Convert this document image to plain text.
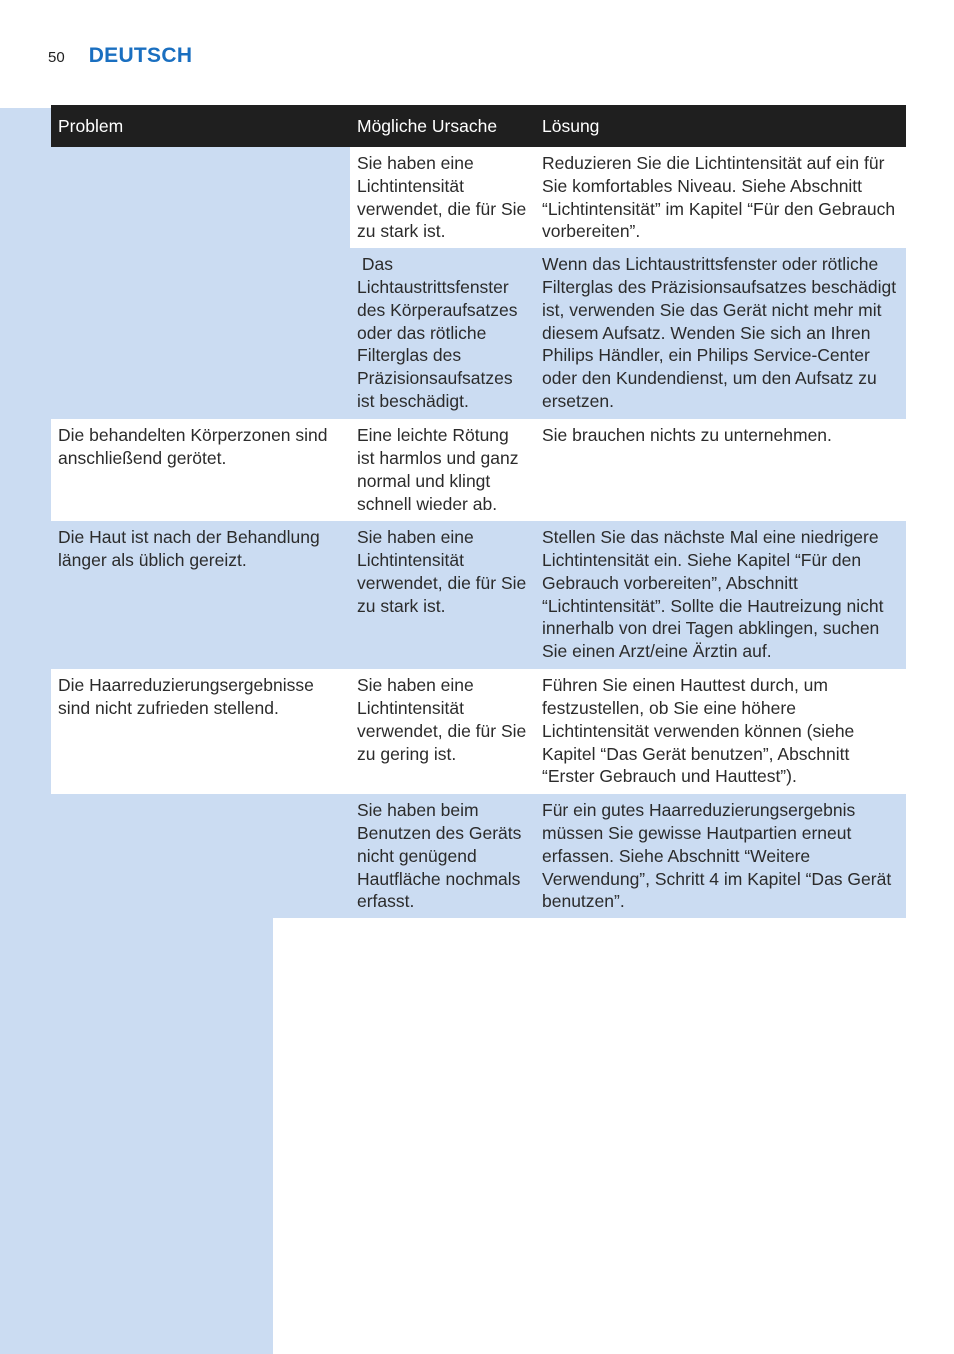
50 DEUTSCH
Problem	Mögliche Ursache	Lösung
	Sie haben eine Lichtintensität verwendet, die für Sie zu stark ist.	Reduzieren Sie die Lichtintensität auf ein für Sie komfortables Niveau. Siehe Abschnitt “Lichtintensität” im Kapitel “Für den Gebrauch vorbereiten”.
	Das Lichtaustrittsfenster des Körperaufsatzes oder das rötliche Filterglas des Präzisionsaufsatzes ist beschädigt.	Wenn das Lichtaustrittsfenster oder rötliche Filterglas des Präzisionsaufsatzes beschädigt ist, verwenden Sie das Gerät nicht mehr mit diesem Aufsatz. Wenden Sie sich an Ihren Philips Händler, ein Philips Service-Center oder den Kundendienst, um den Aufsatz zu ersetzen.
Die behandelten Körperzonen sind anschließend gerötet.	Eine leichte Rötung ist harmlos und ganz normal und klingt schnell wieder ab.	Sie brauchen nichts zu unternehmen.
Die Haut ist nach der Behandlung länger als üblich gereizt.	Sie haben eine Lichtintensität verwendet, die für Sie zu stark ist.	Stellen Sie das nächste Mal eine niedrigere Lichtintensität ein. Siehe Kapitel “Für den Gebrauch vorbereiten”, Abschnitt “Lichtintensität”. Sollte die Hautreizung nicht innerhalb von drei Tagen abklingen, suchen Sie einen Arzt/eine Ärztin auf.
Die Haarreduzierungsergebnisse sind nicht zufrieden stellend.	Sie haben eine Lichtintensität verwendet, die für Sie zu gering ist.	Führen Sie einen Hauttest durch, um festzustellen, ob Sie eine höhere Lichtintensität verwenden können (siehe Kapitel “Das Gerät benutzen”, Abschnitt “Erster Gebrauch und Hauttest”).
	Sie haben beim Benutzen des Geräts nicht genügend Hautfläche nochmals erfasst.	Für ein gutes Haarreduzierungsergebnis müssen Sie gewisse Hautpartien erneut erfassen. Siehe Abschnitt “Weitere Verwendung”, Schritt 4 im Kapitel “Das Gerät benutzen”.
